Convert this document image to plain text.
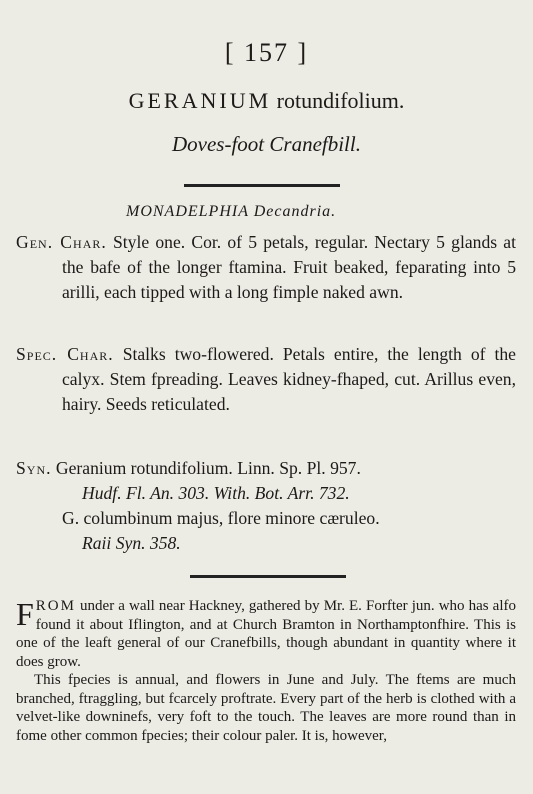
[ 157 ]
GERANIUM rotundifolium.
Doves-foot Cranefbill.
MONADELPHIA Decandria.

Gen. Char. Style one. Cor. of 5 petals, regular. Nectary 5 glands at the bafe of the longer ftamina. Fruit beaked, feparating into 5 arilli, each tipped with a long fimple naked awn.

Spec. Char. Stalks two-flowered. Petals entire, the length of the calyx. Stem fpreading. Leaves kidney-fhaped, cut. Arillus even, hairy. Seeds reticulated.

Syn. Geranium rotundifolium. Linn. Sp. Pl. 957.

Hudf. Fl. An. 303. With. Bot. Arr. 732.

G. columbinum majus, flore minore cæruleo.

Raii Syn. 358.

FROM under a wall near Hackney, gathered by Mr. E. Forfter jun. who has alfo found it about Iflington, and at Church Bramton in Northamptonfhire. This is one of the leaft general of our Cranefbills, though abundant in quantity where it does grow.

This fpecies is annual, and flowers in June and July. The ftems are much branched, ftraggling, but fcarcely proftrate. Every part of the herb is clothed with a velvet-like downinefs, very foft to the touch. The leaves are more round than in fome other common fpecies; their colour paler. It is, however,
